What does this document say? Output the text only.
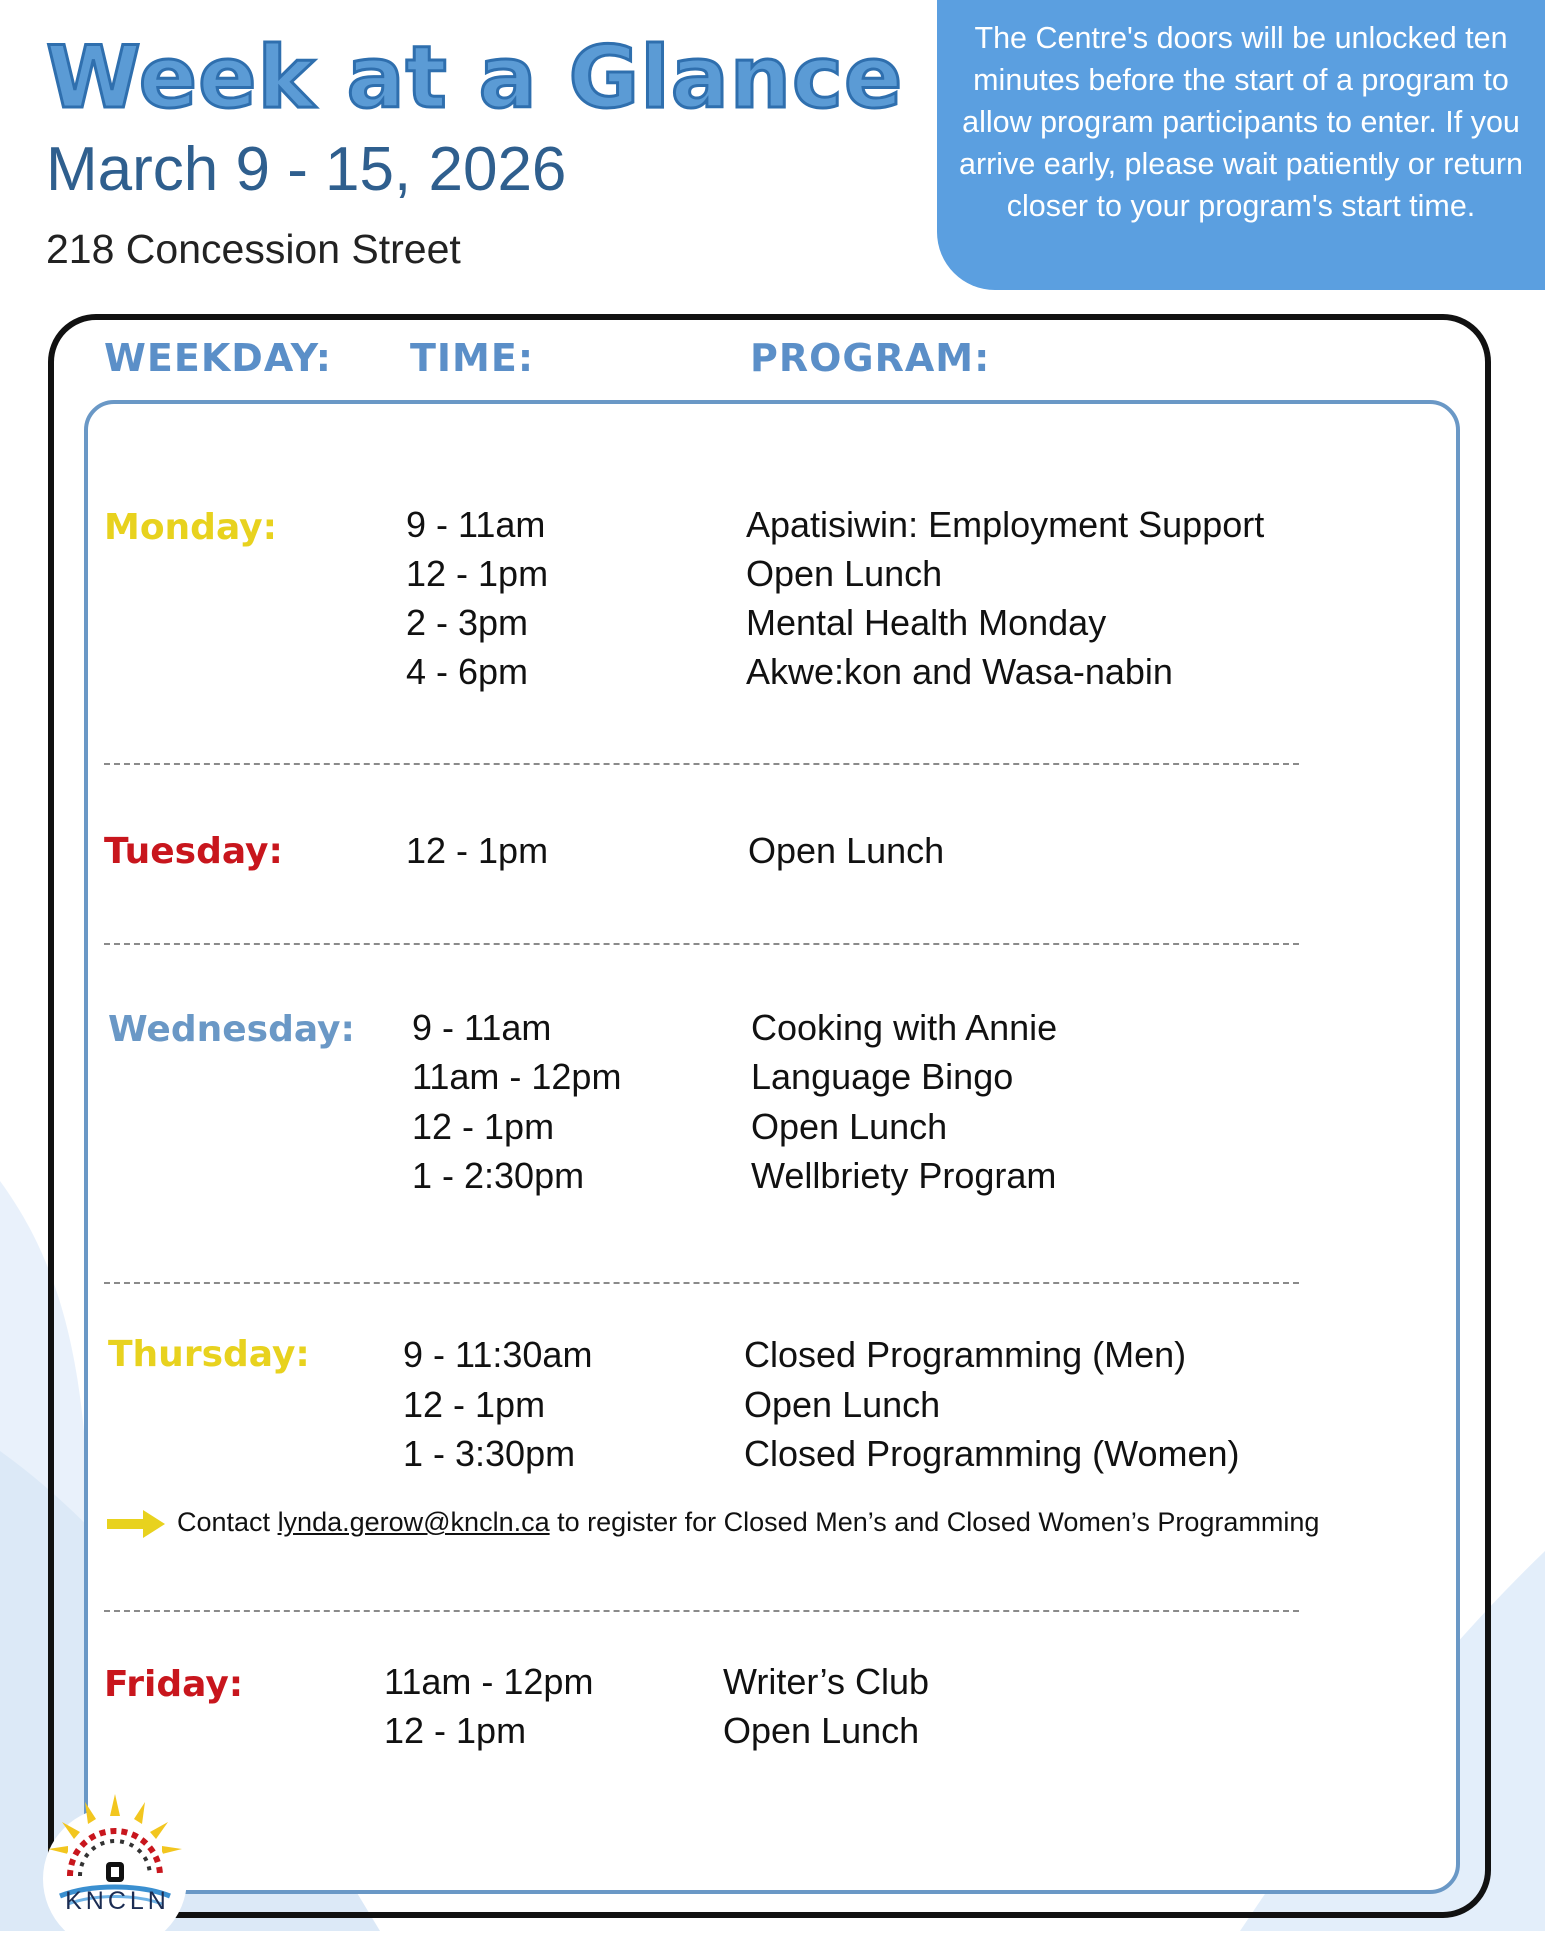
Week at a Glance
March 9 - 15, 2026
218 Concession Street
The Centre's doors will be unlocked ten minutes before the start of a program to allow program participants to enter. If you arrive early, please wait patiently or return closer to your program's start time.
WEEKDAY: TIME:	PROGRAM:
Monday:	9 - 11am	Apatisiwin: Employment Support
12 - 1pm	Open Lunch
2 - 3pm	Mental Health Monday
4 - 6pm	Akwe:kon and Wasa-nabin
Tuesday:	12 - 1pm	Open Lunch
Wednesday: 9 - 11am	Cooking with Annie
11am - 12pm	Language Bingo
12 - 1pm	Open Lunch
1 - 2:30pm	Wellbriety Program
Thursday:	9 - 11:30am	Closed Programming (Men)
12 - 1pm	Open Lunch
1 - 3:30pm	Closed Programming (Women)
Contact lynda.gerow@kncln.ca to register for Closed Men’s and Closed Women’s Programming
Friday:	11am - 12pm	Writer’s Club
12 - 1pm	Open Lunch
KNCLN
